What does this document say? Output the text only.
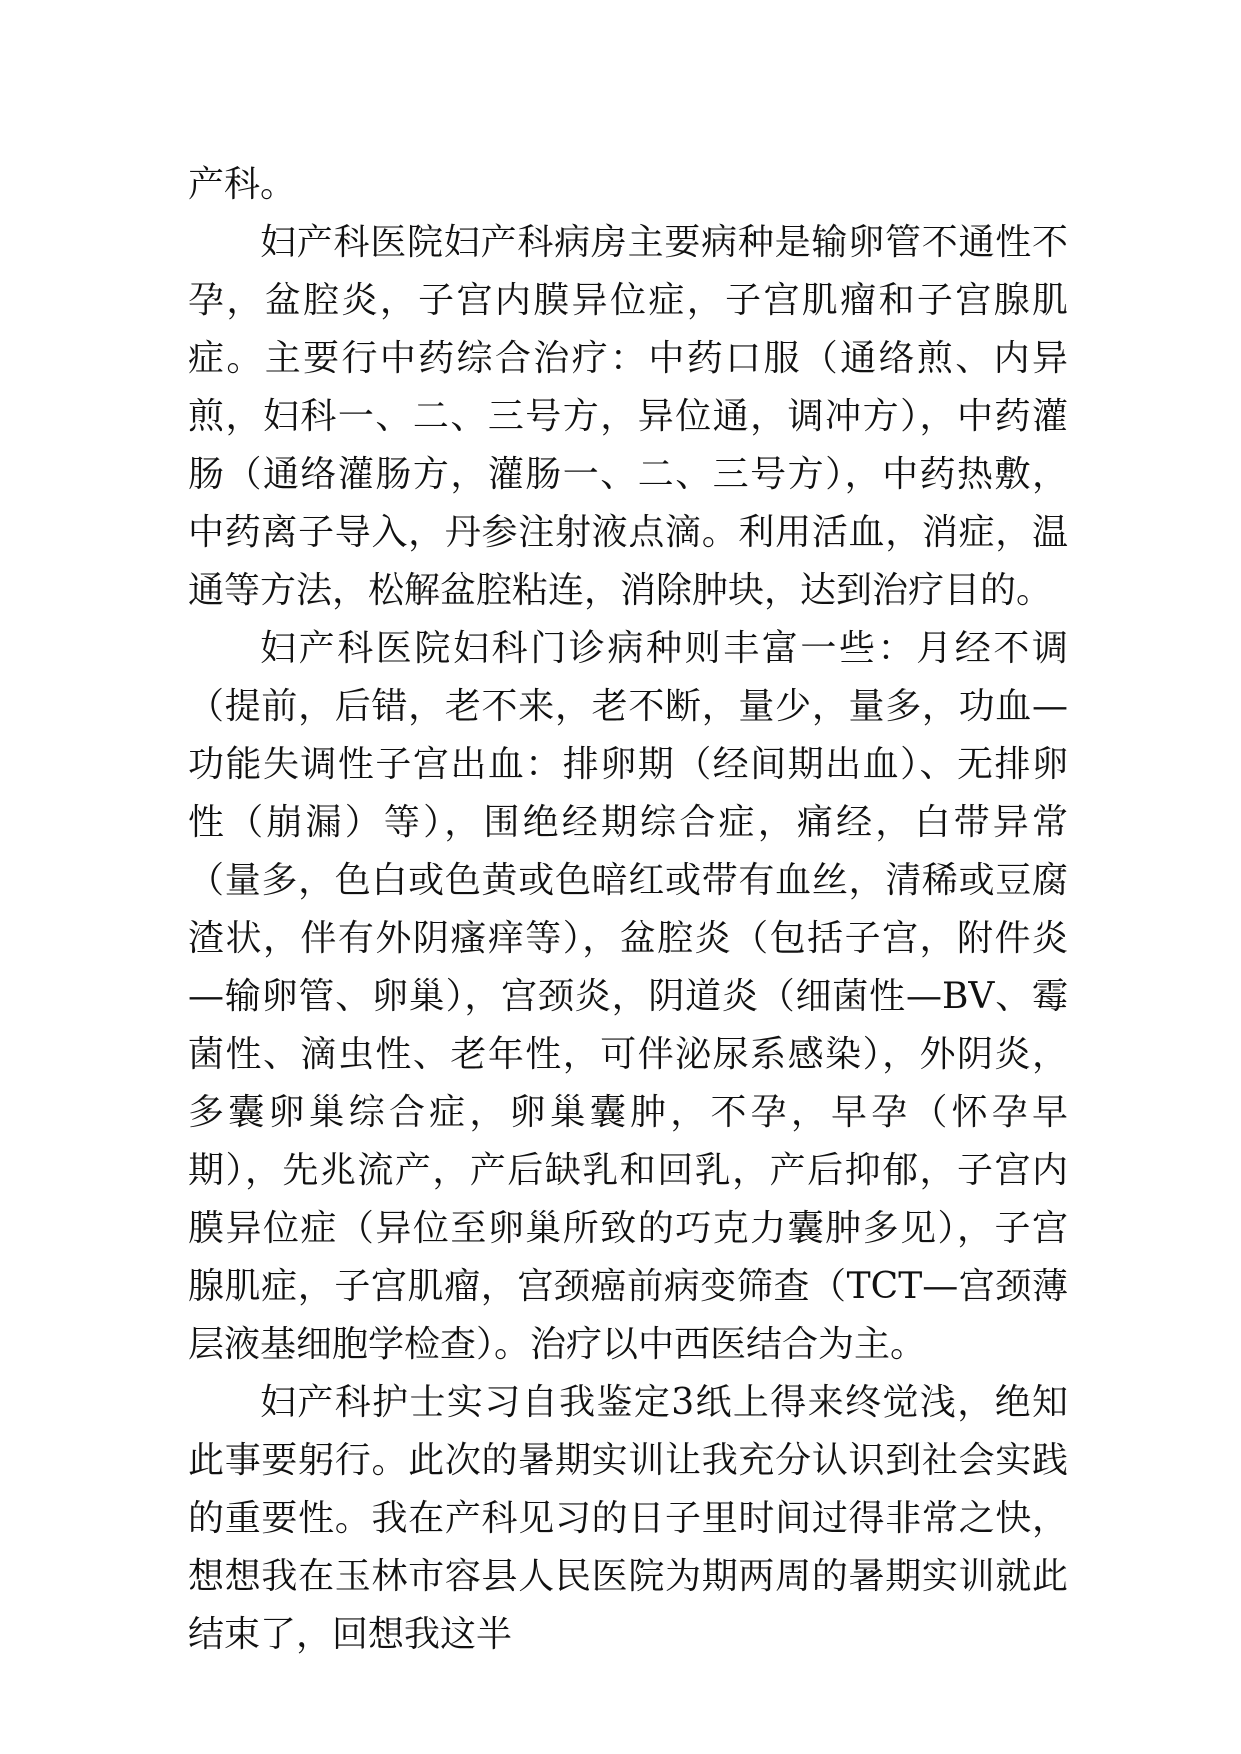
产科。

妇产科医院妇产科病房主要病种是输卵管不通性不孕，盆腔炎，子宫内膜异位症，子宫肌瘤和子宫腺肌症。主要行中药综合治疗：中药口服（通络煎、内异煎，妇科一、二、三号方，异位通，调冲方），中药灌肠（通络灌肠方，灌肠一、二、三号方），中药热敷，中药离子导入，丹参注射液点滴。利用活血，消症，温通等方法，松解盆腔粘连，消除肿块，达到治疗目的。

妇产科医院妇科门诊病种则丰富一些：月经不调（提前，后错，老不来，老不断，量少，量多，功血—功能失调性子宫出血：排卵期（经间期出血）、无排卵性（崩漏）等），围绝经期综合症，痛经，白带异常（量多，色白或色黄或色暗红或带有血丝，清稀或豆腐渣状，伴有外阴瘙痒等），盆腔炎（包括子宫，附件炎—输卵管、卵巢），宫颈炎，阴道炎（细菌性—BV、霉菌性、滴虫性、老年性，可伴泌尿系感染），外阴炎，多囊卵巢综合症，卵巢囊肿，不孕，早孕（怀孕早期），先兆流产，产后缺乳和回乳，产后抑郁，子宫内膜异位症（异位至卵巢所致的巧克力囊肿多见），子宫腺肌症，子宫肌瘤，宫颈癌前病变筛查（TCT—宫颈薄层液基细胞学检查）。治疗以中西医结合为主。

妇产科护士实习自我鉴定3纸上得来终觉浅，绝知此事要躬行。此次的暑期实训让我充分认识到社会实践的重要性。我在产科见习的日子里时间过得非常之快，想想我在玉林市容县人民医院为期两周的暑期实训就此结束了，回想我这半
